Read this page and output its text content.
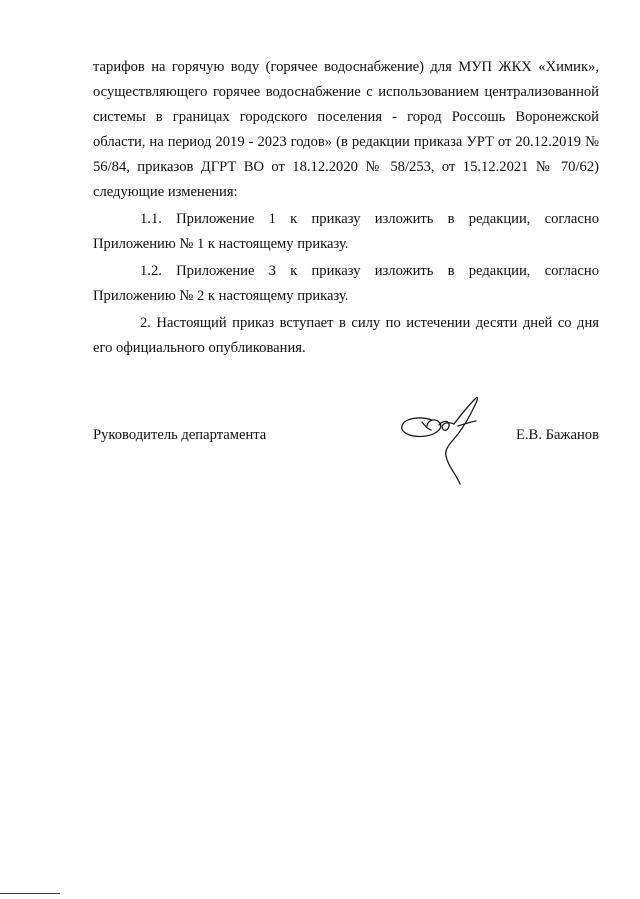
тарифов на горячую воду (горячее водоснабжение) для МУП ЖКХ «Химик», осуществляющего горячее водоснабжение с использованием централизованной системы в границах городского поселения - город Россошь Воронежской области, на период 2019 - 2023 годов» (в редакции приказа УРТ от 20.12.2019 № 56/84, приказов ДГРТ ВО от 18.12.2020 № 58/253, от 15.12.2021 № 70/62) следующие изменения:

1.1. Приложение 1 к приказу изложить в редакции, согласно Приложению № 1 к настоящему приказу.

1.2. Приложение 3 к приказу изложить в редакции, согласно Приложению № 2 к настоящему приказу.

2. Настоящий приказ вступает в силу по истечении десяти дней со дня его официального опубликования.

Руководитель департамента	Е.В. Бажанов
